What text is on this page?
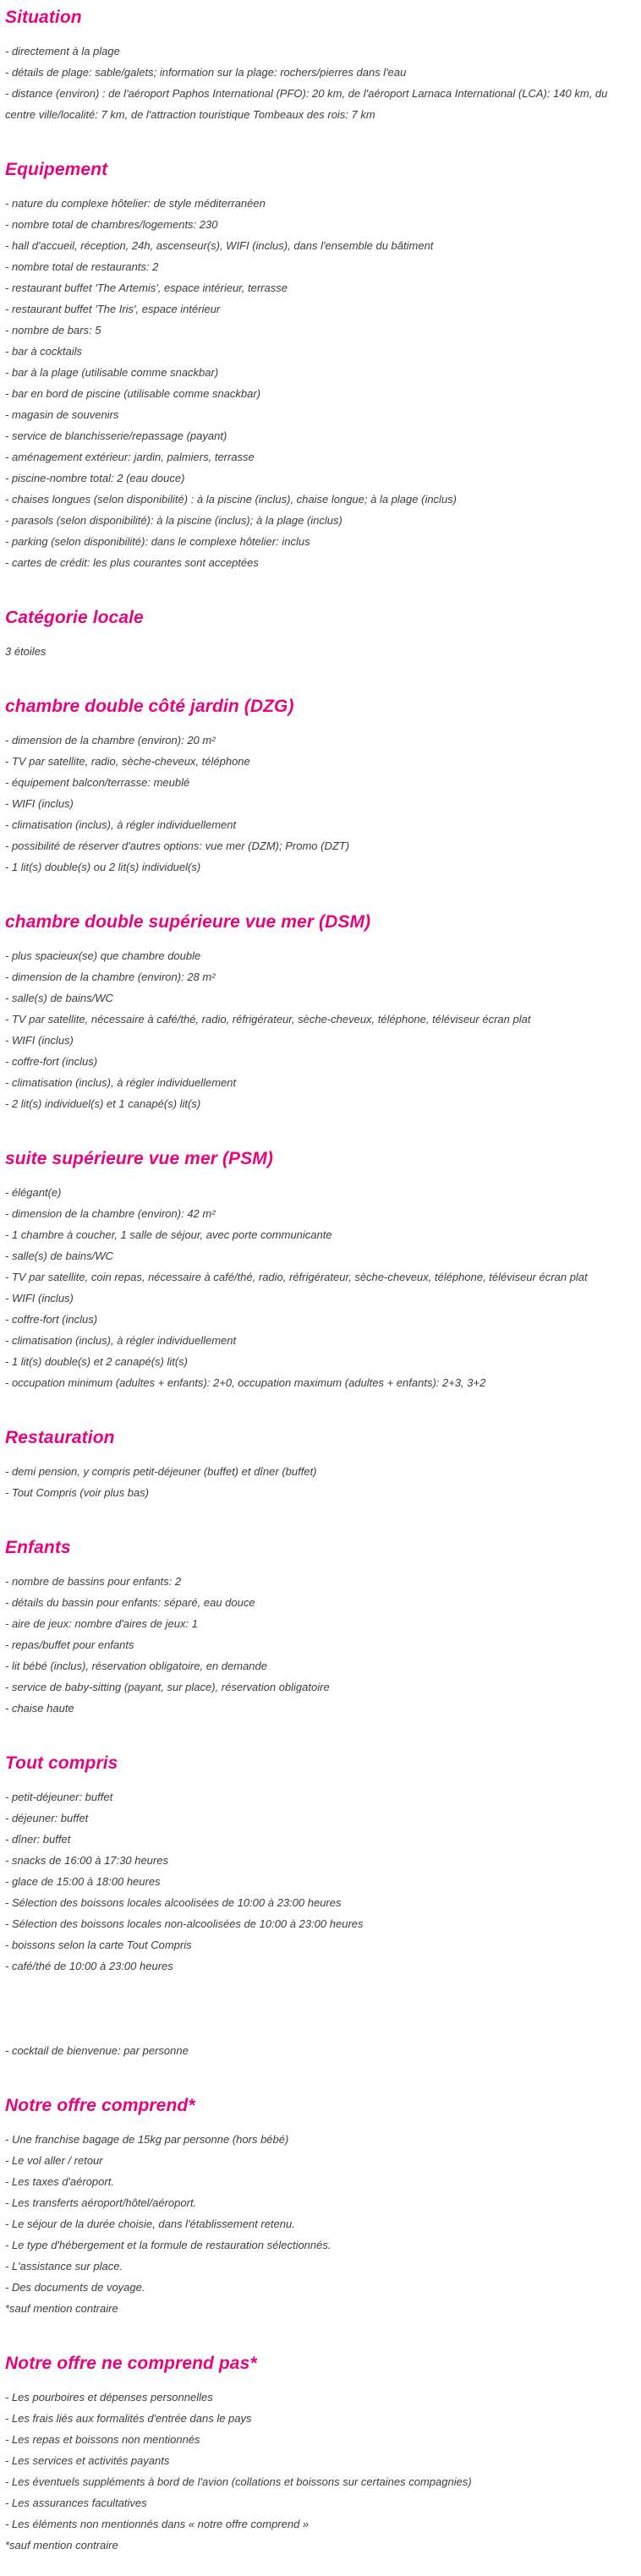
Situation
- directement à la plage
- détails de plage: sable/galets; information sur la plage: rochers/pierres dans l'eau
- distance (environ) : de l'aéroport Paphos International (PFO): 20 km, de l'aéroport Larnaca International (LCA): 140 km, du centre ville/localité: 7 km, de l'attraction touristique Tombeaux des rois: 7 km
Equipement
- nature du complexe hôtelier: de style méditerranéen
- nombre total de chambres/logements: 230
- hall d'accueil, réception, 24h, ascenseur(s), WIFI (inclus), dans l'ensemble du bâtiment
- nombre total de restaurants: 2
- restaurant buffet 'The Artemis', espace intérieur, terrasse
- restaurant buffet 'The Iris', espace intérieur
- nombre de bars: 5
- bar à cocktails
- bar à la plage (utilisable comme snackbar)
- bar en bord de piscine (utilisable comme snackbar)
- magasin de souvenirs
- service de blanchisserie/repassage (payant)
- aménagement extérieur: jardin, palmiers, terrasse
- piscine-nombre total: 2 (eau douce)
- chaises longues (selon disponibilité) : à la piscine (inclus), chaise longue; à la plage (inclus)
- parasols (selon disponibilité): à la piscine (inclus); à la plage (inclus)
- parking (selon disponibilité): dans le complexe hôtelier: inclus
- cartes de crédit: les plus courantes sont acceptées
Catégorie locale
3 étoiles
chambre double côté jardin (DZG)
- dimension de la chambre (environ): 20 m²
- TV par satellite, radio, sèche-cheveux, téléphone
- équipement balcon/terrasse: meublé
- WIFI (inclus)
- climatisation (inclus), à régler individuellement
- possibilité de réserver d'autres options: vue mer (DZM); Promo (DZT)
- 1 lit(s) double(s) ou 2 lit(s) individuel(s)
chambre double supérieure vue mer (DSM)
- plus spacieux(se) que chambre double
- dimension de la chambre (environ): 28 m²
- salle(s) de bains/WC
- TV par satellite, nécessaire à café/thé, radio, réfrigérateur, sèche-cheveux, téléphone, téléviseur écran plat
- WIFI (inclus)
- coffre-fort (inclus)
- climatisation (inclus), à régler individuellement
- 2 lit(s) individuel(s) et 1 canapé(s) lit(s)
suite supérieure vue mer (PSM)
- élégant(e)
- dimension de la chambre (environ): 42 m²
- 1 chambre à coucher, 1 salle de séjour, avec porte communicante
- salle(s) de bains/WC
- TV par satellite, coin repas, nécessaire à café/thé, radio, réfrigérateur, sèche-cheveux, téléphone, téléviseur écran plat
- WIFI (inclus)
- coffre-fort (inclus)
- climatisation (inclus), à régler individuellement
- 1 lit(s) double(s) et 2 canapé(s) lit(s)
- occupation minimum (adultes + enfants): 2+0, occupation maximum (adultes + enfants): 2+3, 3+2
Restauration
- demi pension, y compris petit-déjeuner (buffet) et dîner (buffet)
- Tout Compris (voir plus bas)
Enfants
- nombre de bassins pour enfants: 2
- détails du bassin pour enfants: séparé, eau douce
- aire de jeux: nombre d'aires de jeux: 1
- repas/buffet pour enfants
- lit bébé (inclus), réservation obligatoire, en demande
- service de baby-sitting (payant, sur place), réservation obligatoire
- chaise haute
Tout compris
- petit-déjeuner: buffet
- déjeuner: buffet
- dîner: buffet
- snacks de 16:00 à 17:30 heures
- glace de 15:00 à 18:00 heures
- Sélection des boissons locales alcoolisées de 10:00 à 23:00 heures
- Sélection des boissons locales non-alcoolisées de 10:00 à 23:00 heures
- boissons selon la carte Tout Compris
- café/thé de 10:00 à 23:00 heures
- cocktail de bienvenue: par personne
Notre offre comprend*
- Une franchise bagage de 15kg par personne (hors bébé)
- Le vol aller / retour
- Les taxes d'aéroport.
- Les transferts aéroport/hôtel/aéroport.
- Le séjour de la durée choisie, dans l'établissement retenu.
- Le type d'hébergement et la formule de restauration sélectionnés.
- L'assistance sur place.
- Des documents de voyage.
*sauf mention contraire
Notre offre ne comprend pas*
- Les pourboires et dépenses personnelles
- Les frais liés aux formalités d'entrée dans le pays
- Les repas et boissons non mentionnés
- Les services et activités payants
- Les éventuels suppléments à bord de l'avion (collations et boissons sur certaines compagnies)
- Les assurances facultatives
- Les éléments non mentionnés dans « notre offre comprend »
*sauf mention contraire
